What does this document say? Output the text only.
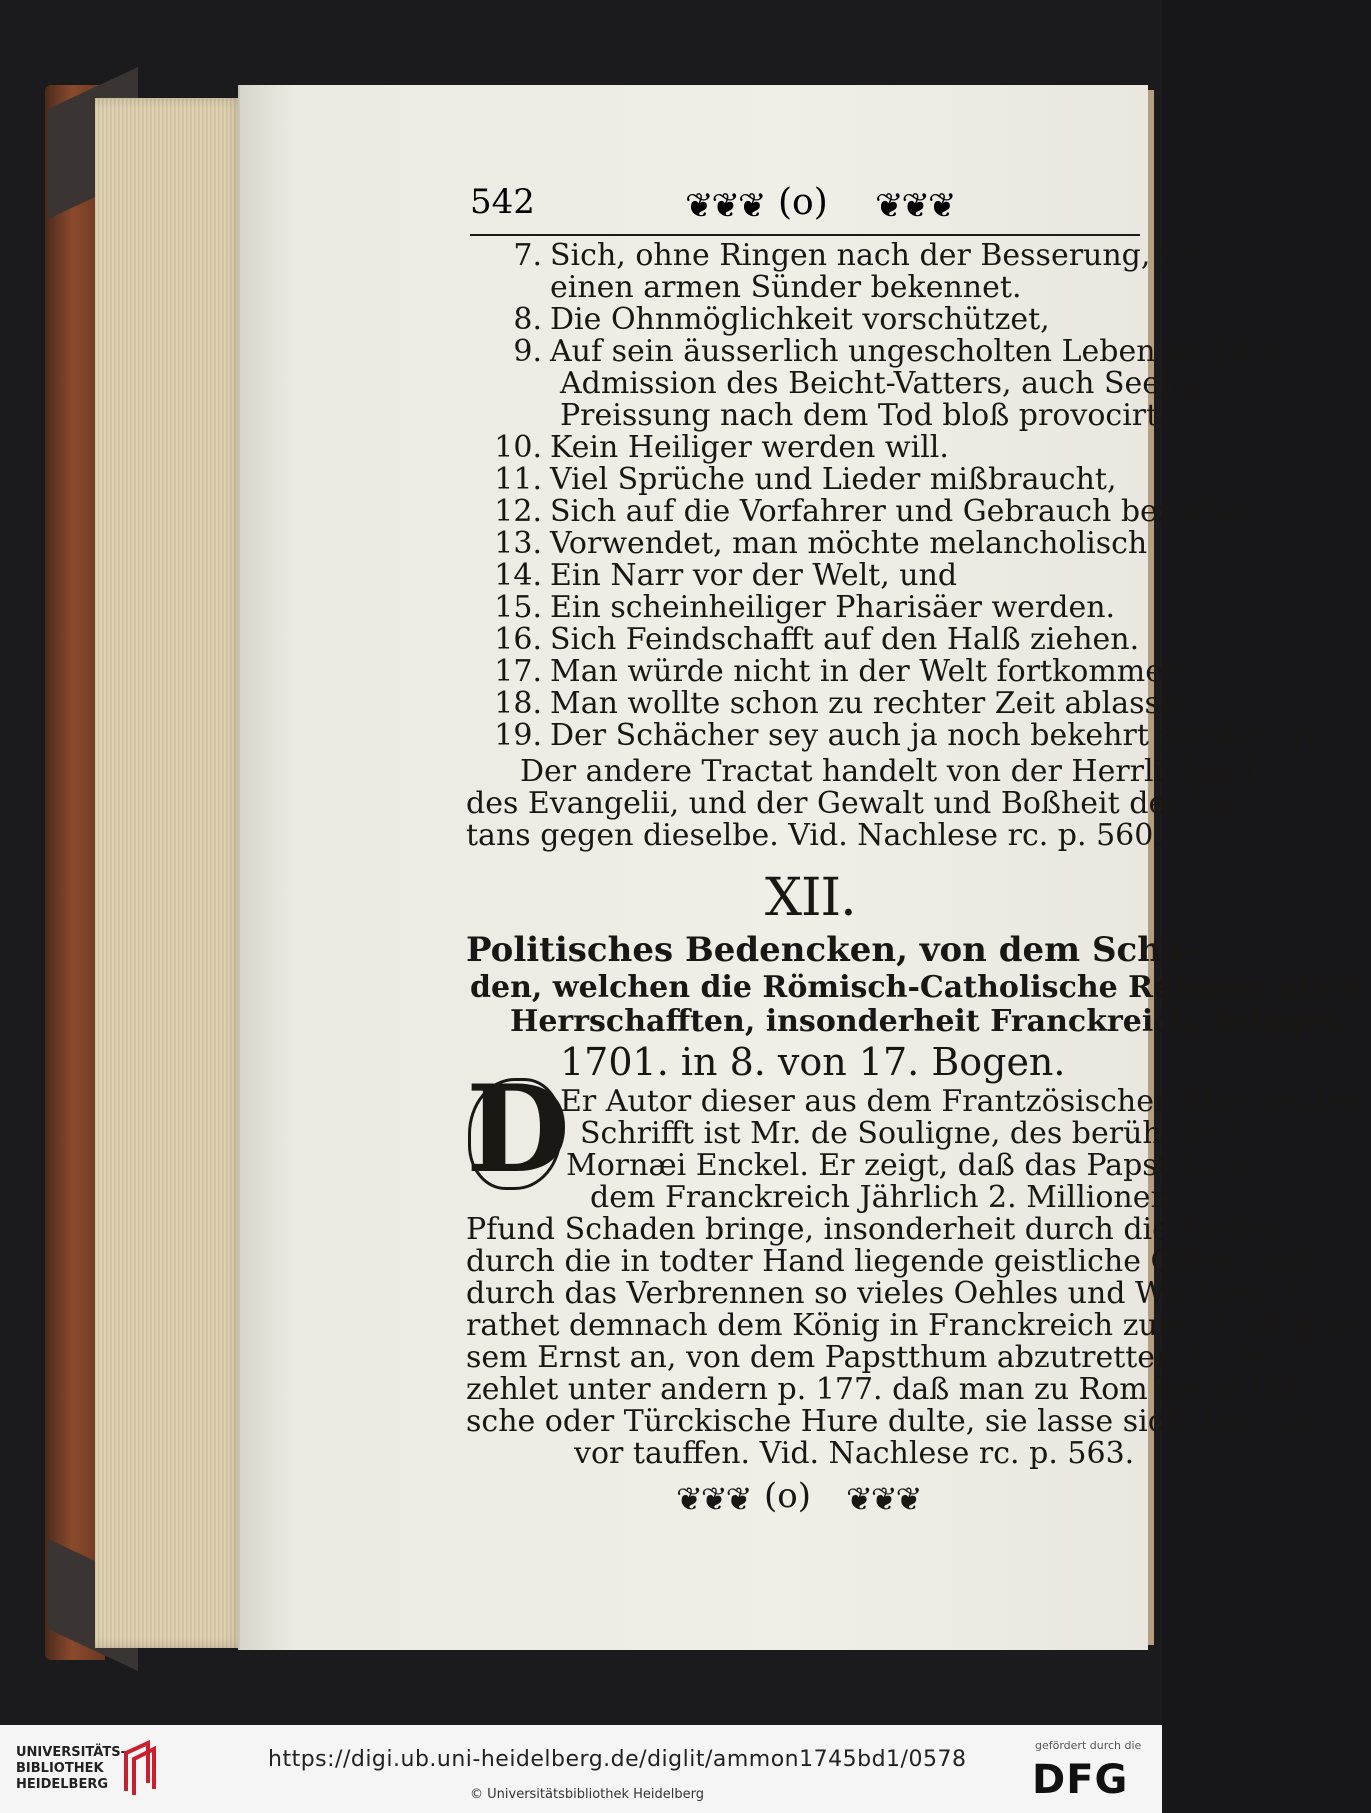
542	❦❦❦ (o) ❦❦❦
7. Sich, ohne Ringen nach der Besserung, vor
einen armen Sünder bekennet.
8. Die Ohnmöglichkeit vorschützet,
9. Auf sein äusserlich ungescholten Leben und die
Admission des Beicht-Vatters, auch Seelig-
Preissung nach dem Tod bloß provocirt.
10. Kein Heiliger werden will.
11. Viel Sprüche und Lieder mißbraucht,
12. Sich auf die Vorfahrer und Gebrauch beziehet.
13. Vorwendet, man möchte melancholisch
14. Ein Narr vor der Welt, und
15. Ein scheinheiliger Pharisäer werden.
16. Sich Feindschafft auf den Halß ziehen.
17. Man würde nicht in der Welt fortkommen.
18. Man wollte schon zu rechter Zeit ablassen.
19. Der Schächer sey auch ja noch bekehrt worden, rc.
Der andere Tractat handelt von der Herrlichkeit
des Evangelii, und der Gewalt und Boßheit des Sa-
tans gegen dieselbe. Vid. Nachlese rc. p. 560.
XII.
Politisches Bedencken, von dem Scha-
den, welchen die Römisch-Catholische Religion allen
Herrschafften, insonderheit Franckreich, bringet.
1701. in 8. von 17. Bogen.
D
Er Autor dieser aus dem Frantzösischen übersetzten
Schrifft ist Mr. de Souligne, des berühmten
Mornæi Enckel. Er zeigt, daß das Papstthum,
dem Franckreich Jährlich 2. Millionen
Pfund Schaden bringe, insonderheit durch die Fasten,
durch die in todter Hand liegende geistliche Güter, und
durch das Verbrennen so vieles Oehles und Wachses. Er
rathet demnach dem König in Franckreich zuletzt mit gros-
sem Ernst an, von dem Papstthum abzutretten. Er er-
zehlet unter andern p. 177. daß man zu Rom keine Jüdi-
sche oder Türckische Hure dulte, sie lasse sich dann zu-
vor tauffen. Vid. Nachlese rc. p. 563.
❦❦❦ (o) ❦❦❦
UNIVERSITÄTS-
BIBLIOTHEK
HEIDELBERG
https://digi.ub.uni-heidelberg.de/diglit/ammon1745bd1/0578
© Universitätsbibliothek Heidelberg
gefördert durch die
DFG
